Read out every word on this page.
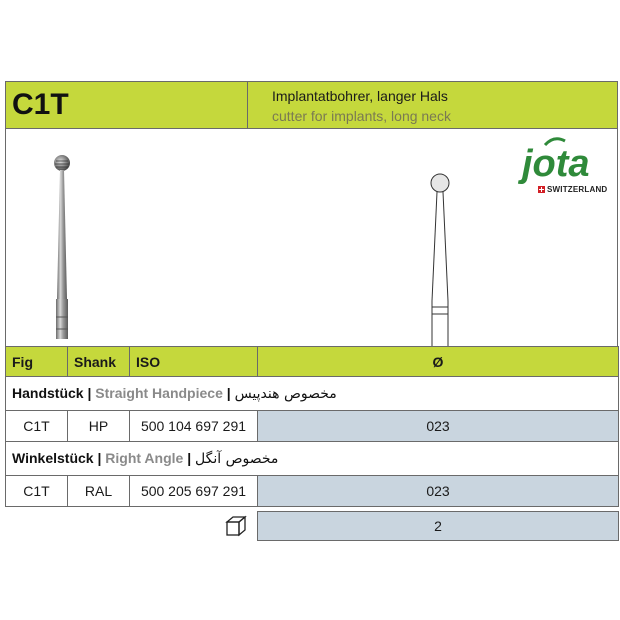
C1T	Implantatbohrer, langer Hals
cutter for implants, long neck
jota
SWITZERLAND
Fig	Shank	ISO	Ø
Handstück | Straight Handpiece | مخصوص هندپیس			
C1T	HP	500 104 697 291	023
Winkelstück | Right Angle | مخصوص آنگل			
C1T	RAL	500 205 697 291	023
2
